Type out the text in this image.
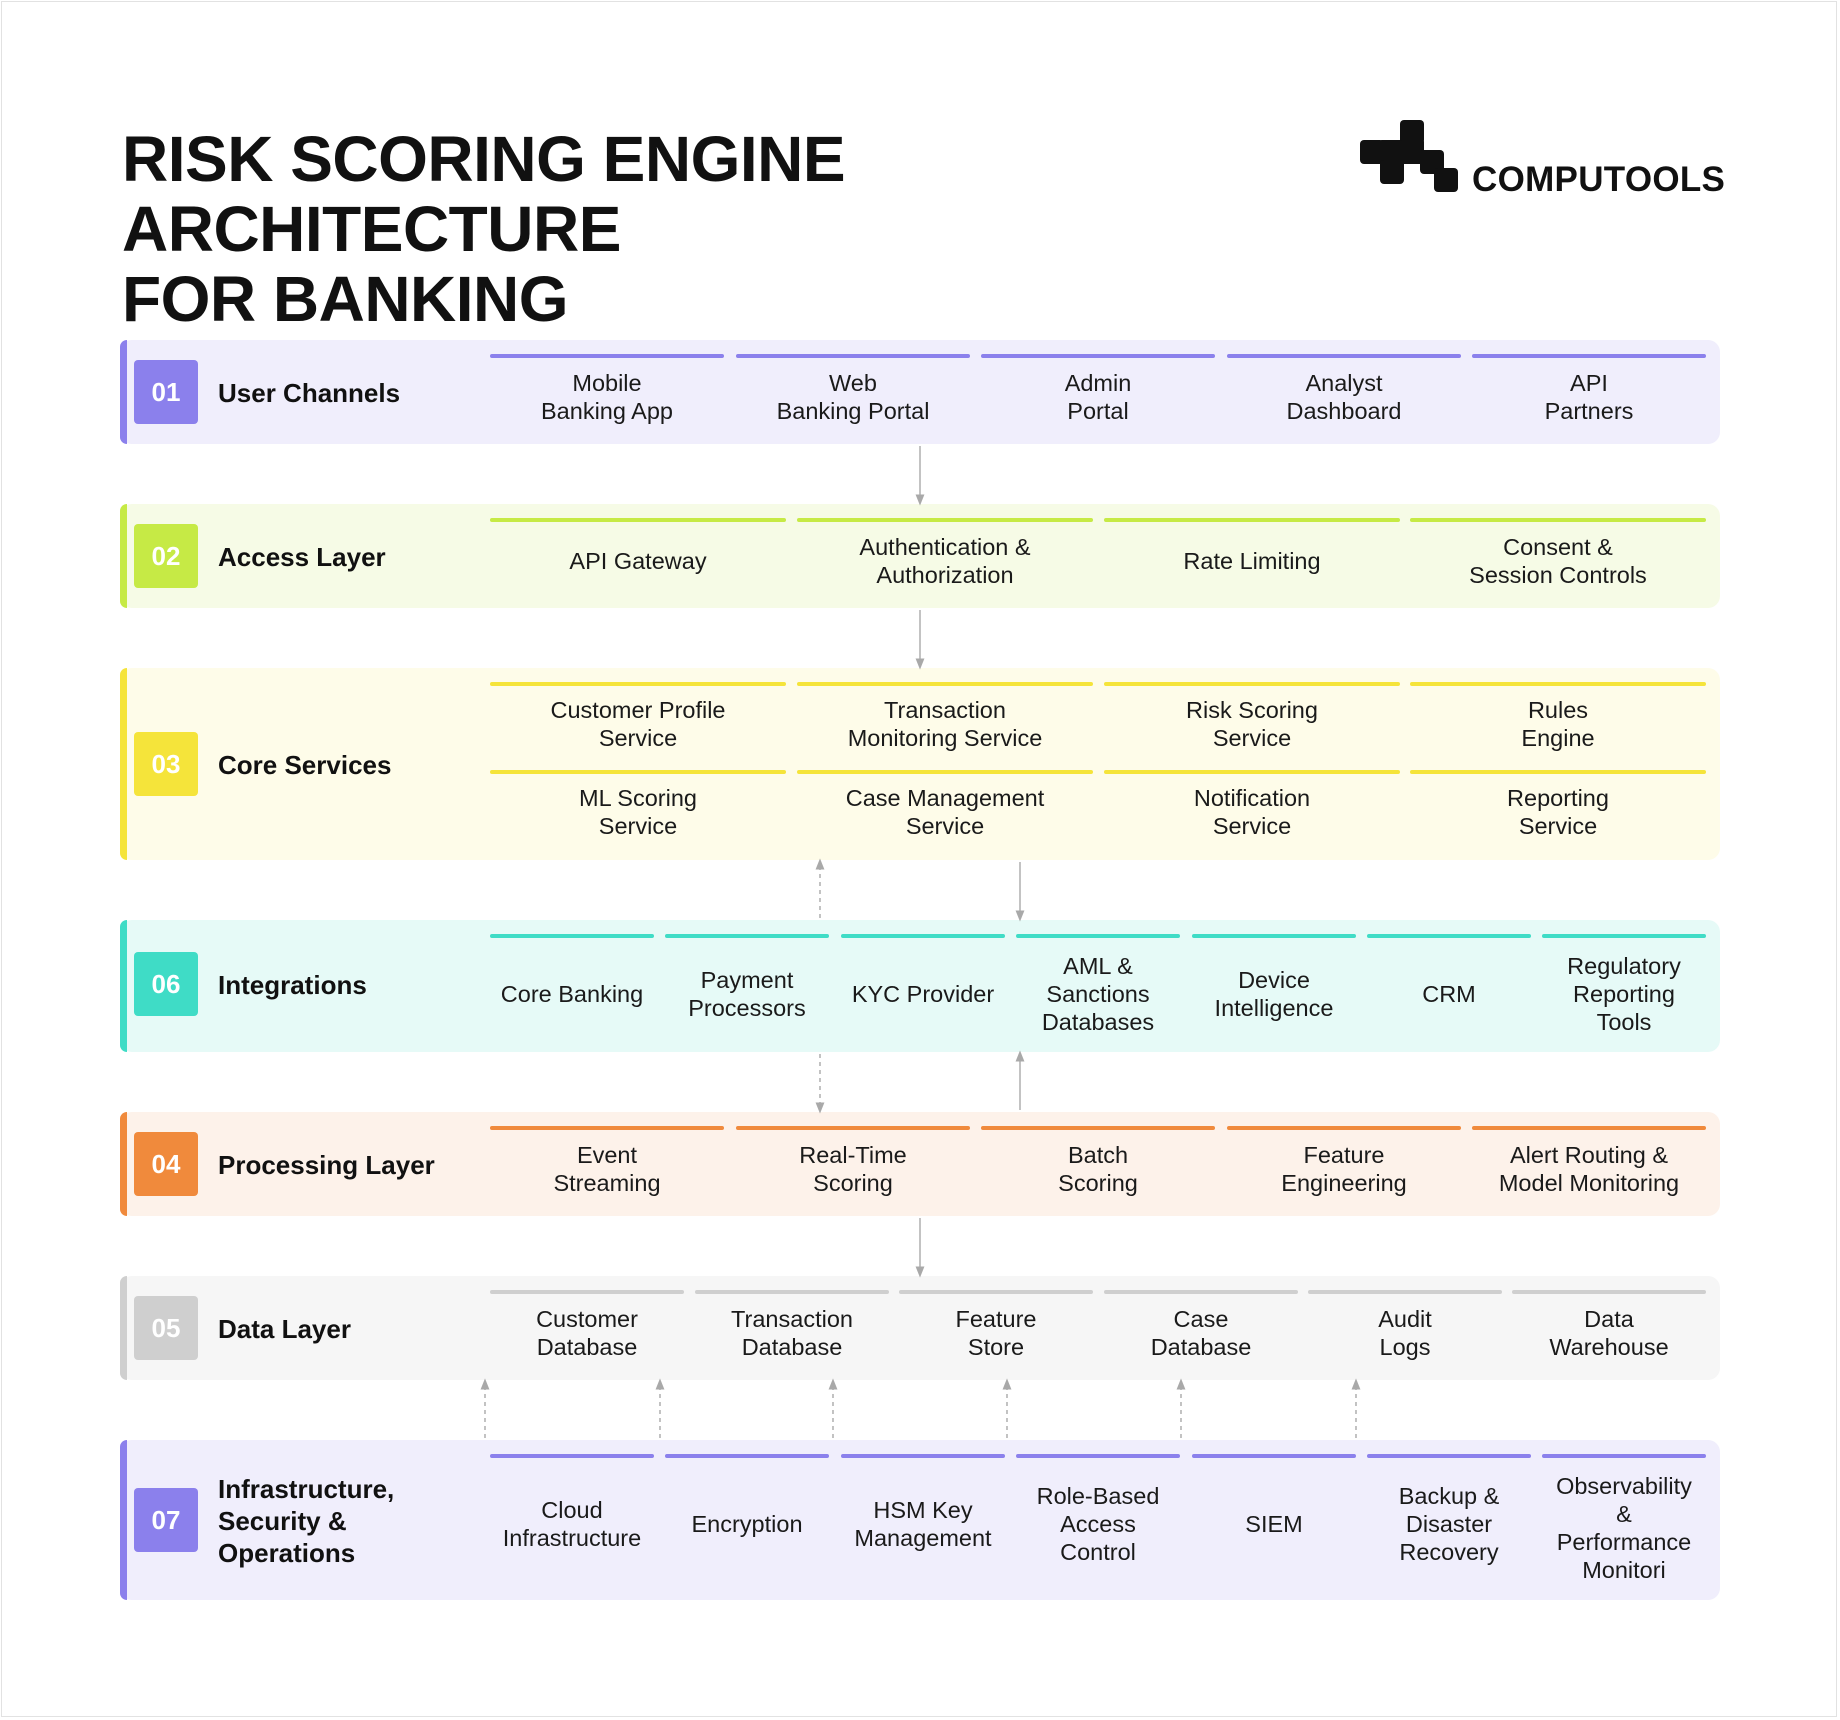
RISK SCORING ENGINE ARCHITECTURE
FOR BANKING
COMPUTOOLS
01	User Channels	Mobile
Banking App
Web
Banking Portal
Admin
Portal
Analyst
Dashboard
API
Partners
02	Access Layer	API Gateway
Authentication &
Authorization
Rate Limiting
Consent &
Session Controls
03	Core Services
Customer Profile
Service
Transaction
Monitoring Service
Risk Scoring
Service
Rules
Engine
ML Scoring
Service
Case Management
Service
Notification
Service
Reporting
Service
06	Integrations	Core Banking
Payment
Processors
KYC Provider
AML &
Sanctions
Databases
Device
Intelligence
CRM
Regulatory
Reporting
Tools
04	Processing Layer	Event
Streaming
Real-Time
Scoring
Batch
Scoring
Feature
Engineering
Alert Routing &
Model Monitoring
05	Data Layer	Customer
Database
Transaction
Database
Feature
Store
Case
Database
Audit
Logs
Data
Warehouse
07
Infrastructure,
Security &
Operations
Cloud
Infrastructure
Encryption
HSM Key
Management
Role-Based
Access
Control
SIEM
Backup &
Disaster
Recovery
Observability
&
Performance
Monitori
